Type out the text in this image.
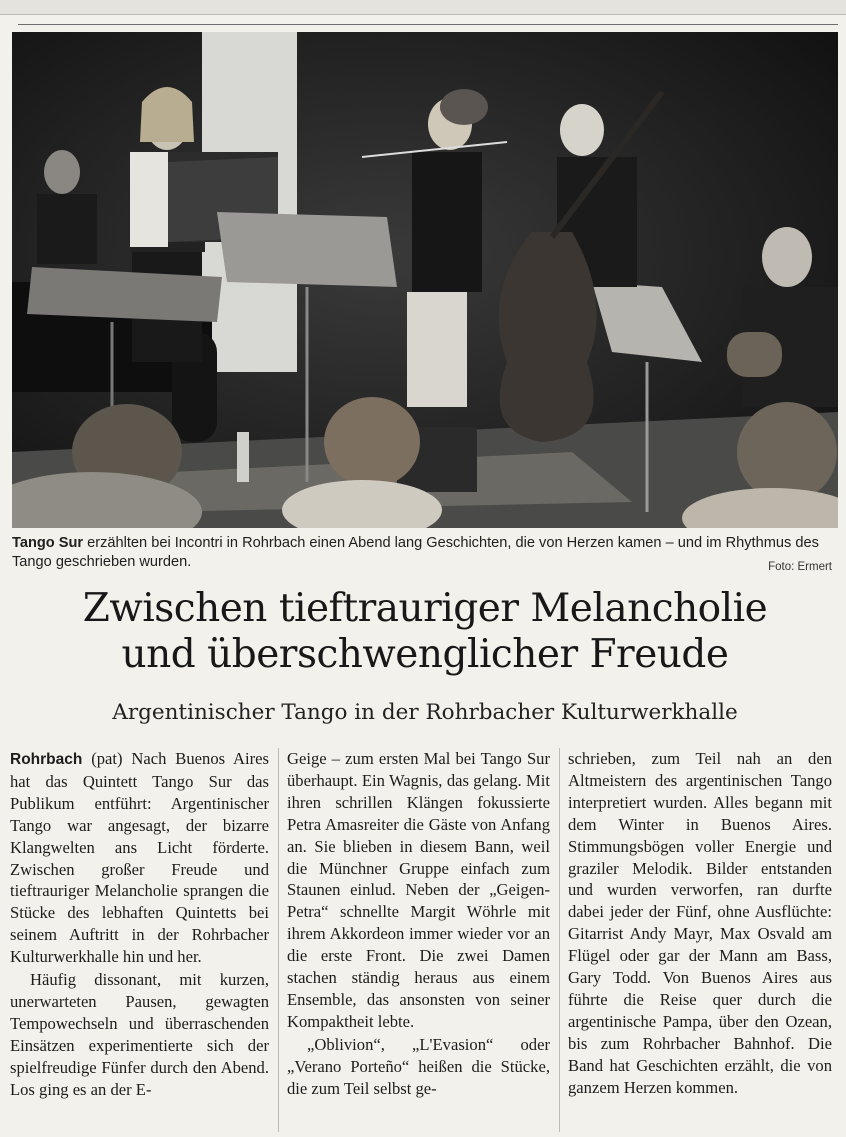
Tango Sur erzählten bei Incontri in Rohrbach einen Abend lang Geschichten, die von Herzen kamen – und im Rhythmus des Tango geschrieben wurden.	Foto: Ermert
Zwischen tieftrauriger Melancholie
und überschwenglicher Freude
Argentinischer Tango in der Rohrbacher Kulturwerkhalle

Rohrbach (pat) Nach Buenos Aires hat das Quintett Tango Sur das Publikum entführt: Argentinischer Tango war angesagt, der bizarre Klangwelten ans Licht förderte. Zwischen großer Freude und tieftrauriger Melancholie sprangen die Stücke des lebhaften Quintetts bei seinem Auftritt in der Rohrbacher Kulturwerkhalle hin und her.

Häufig dissonant, mit kurzen, unerwarteten Pausen, gewagten Tempowechseln und überraschenden Einsätzen experimentierte sich der spielfreudige Fünfer durch den Abend. Los ging es an der E-

Geige – zum ersten Mal bei Tango Sur überhaupt. Ein Wagnis, das gelang. Mit ihren schrillen Klängen fokussierte Petra Amasreiter die Gäste von Anfang an. Sie blieben in diesem Bann, weil die Münchner Gruppe einfach zum Staunen einlud. Neben der „Geigen-Petra“ schnellte Margit Wöhrle mit ihrem Akkordeon immer wieder vor an die erste Front. Die zwei Damen stachen ständig heraus aus einem Ensemble, das ansonsten von seiner Kompaktheit lebte.

„Oblivion“, „L'Evasion“ oder „Verano Porteño“ heißen die Stücke, die zum Teil selbst ge-

schrieben, zum Teil nah an den Altmeistern des argentinischen Tango interpretiert wurden. Alles begann mit dem Winter in Buenos Aires. Stimmungsbögen voller Energie und graziler Melodik. Bilder entstanden und wurden verworfen, ran durfte dabei jeder der Fünf, ohne Ausflüchte: Gitarrist Andy Mayr, Max Osvald am Flügel oder gar der Mann am Bass, Gary Todd. Von Buenos Aires aus führte die Reise quer durch die argentinische Pampa, über den Ozean, bis zum Rohrbacher Bahnhof. Die Band hat Geschichten erzählt, die von ganzem Herzen kommen.
